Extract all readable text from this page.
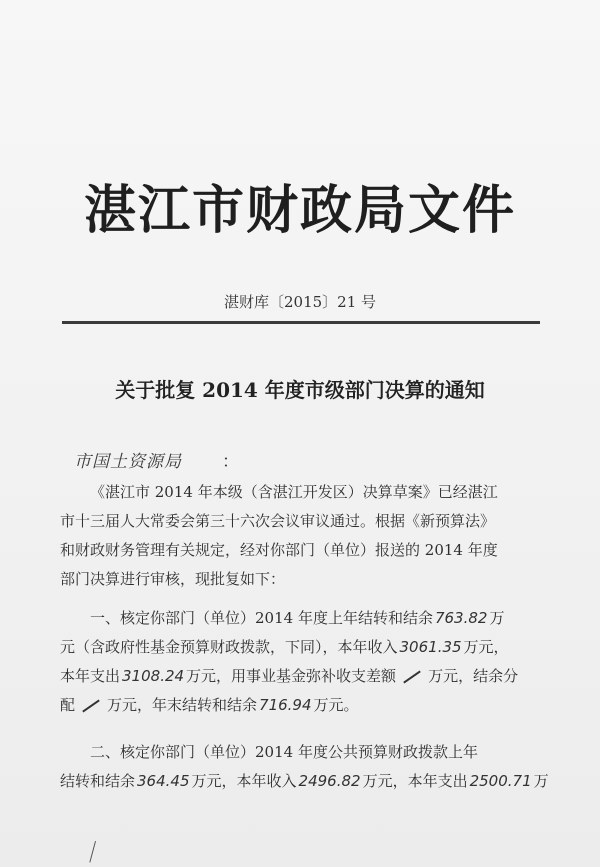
湛江市财政局文件
湛财库〔2015〕21 号
关于批复 2014 年度市级部门决算的通知
市国土资源局 ：
《湛江市 2014 年本级（含湛江开发区）决算草案》已经湛江
市十三届人大常委会第三十六次会议审议通过。根据《新预算法》
和财政财务管理有关规定，经对你部门（单位）报送的 2014 年度
部门决算进行审核，现批复如下：
一、核定你部门（单位）2014 年度上年结转和结余 763.82 万
元（含政府性基金预算财政拨款，下同），本年收入 3061.35 万元，
本年支出 3108.24 万元，用事业基金弥补收支差额 万元，结余分
配 万元，年末结转和结余 716.94 万元。
二、核定你部门（单位）2014 年度公共预算财政拨款上年
结转和结余 364.45 万元，本年收入 2496.82 万元，本年支出 2500.71 万
